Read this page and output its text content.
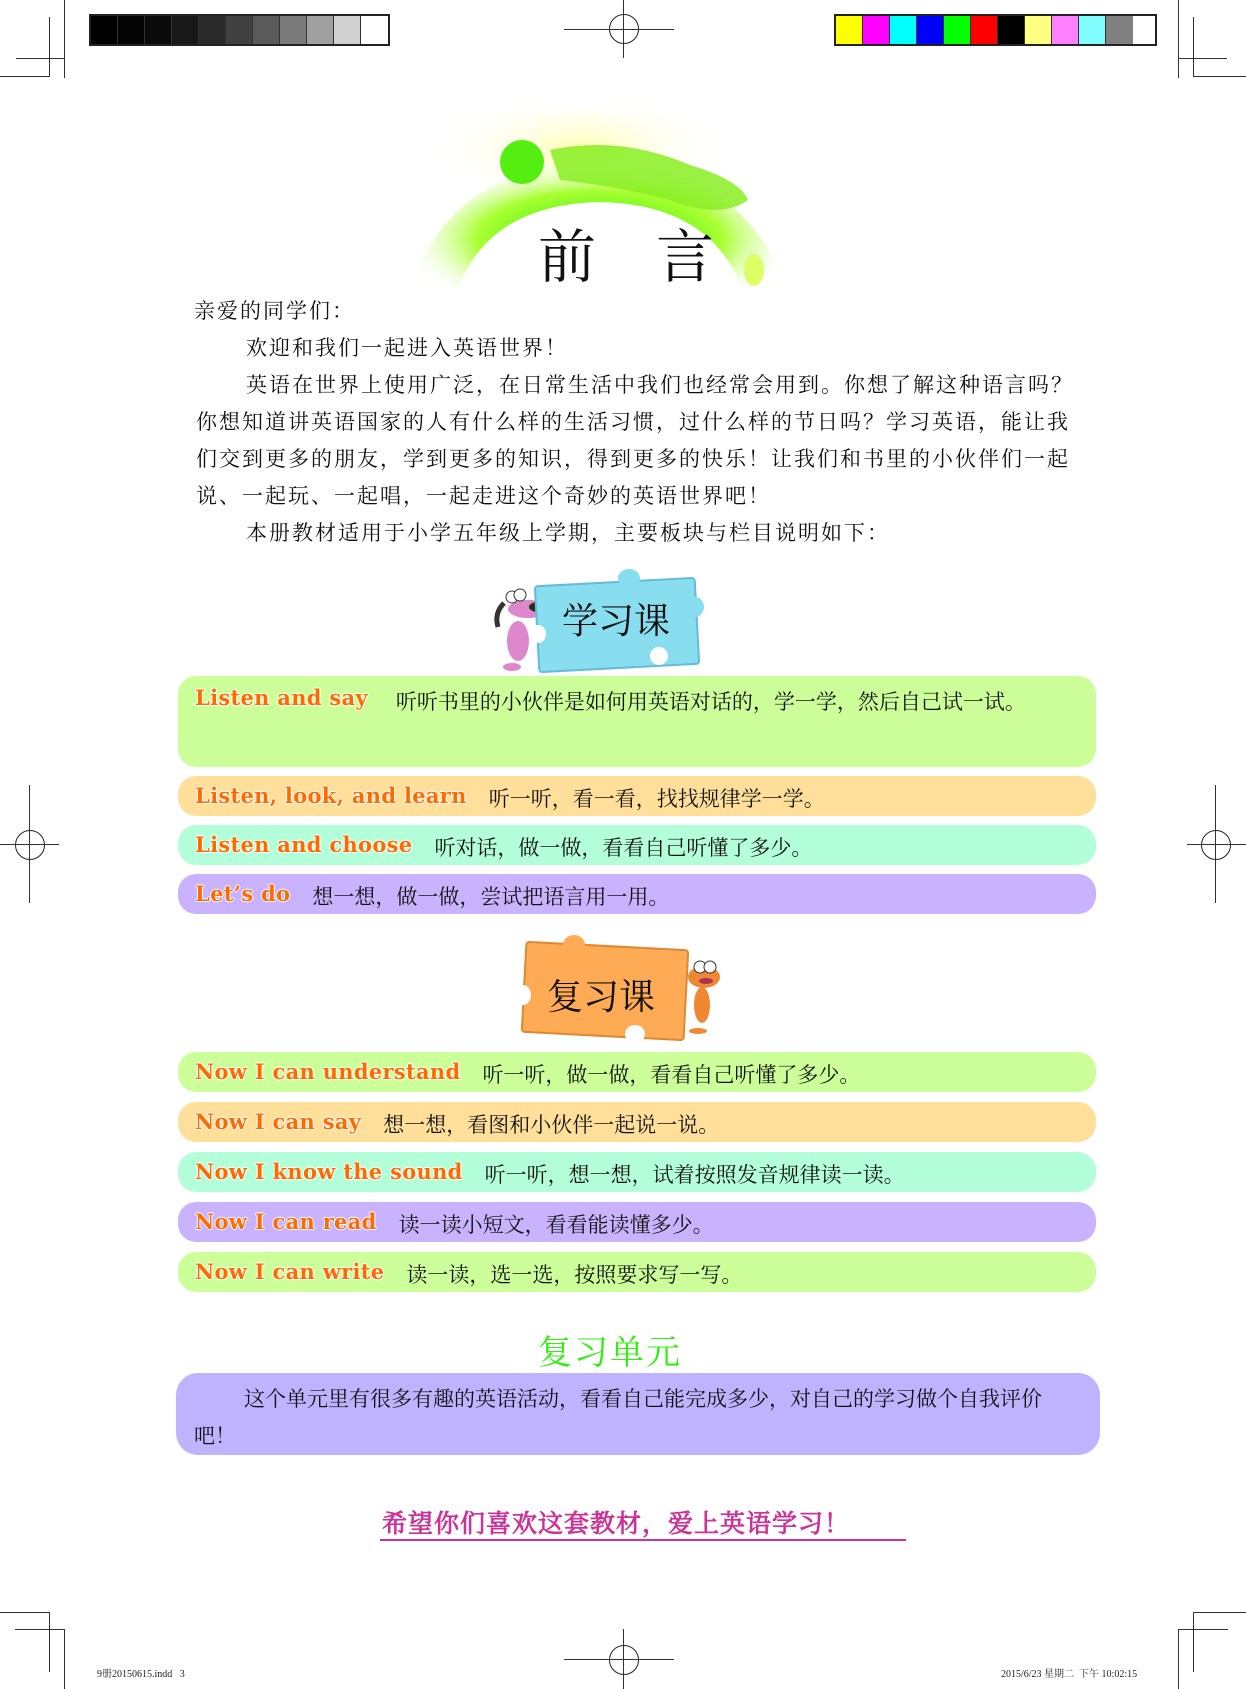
前言

亲爱的同学们：

欢迎和我们一起进入英语世界！

英语在世界上使用广泛，在日常生活中我们也经常会用到。你想了解这种语言吗？你想知道讲英语国家的人有什么样的生活习惯，过什么样的节日吗？学习英语，能让我们交到更多的朋友，学到更多的知识，得到更多的快乐！让我们和书里的小伙伴们一起说、一起玩、一起唱，一起走进这个奇妙的英语世界吧！

本册教材适用于小学五年级上学期，主要板块与栏目说明如下：

学习课
Listen and say 听听书里的小伙伴是如何用英语对话的，学一学，然后自己试一试。
Listen, look, and learn 听一听，看一看，找找规律学一学。
Listen and choose 听对话，做一做，看看自己听懂了多少。
Let’s do 想一想，做一做，尝试把语言用一用。
复习课
Now I can understand 听一听，做一做，看看自己听懂了多少。
Now I can say 想一想，看图和小伙伴一起说一说。
Now I know the sound 听一听，想一想，试着按照发音规律读一读。
Now I can read 读一读小短文，看看能读懂多少。
Now I can write 读一读，选一选，按照要求写一写。
复习单元
这个单元里有很多有趣的英语活动，看看自己能完成多少，对自己的学习做个自我评价吧！
希望你们喜欢这套教材，爱上英语学习！
9册20150615.indd   3	2015/6/23 星期二  下午 10:02:15
